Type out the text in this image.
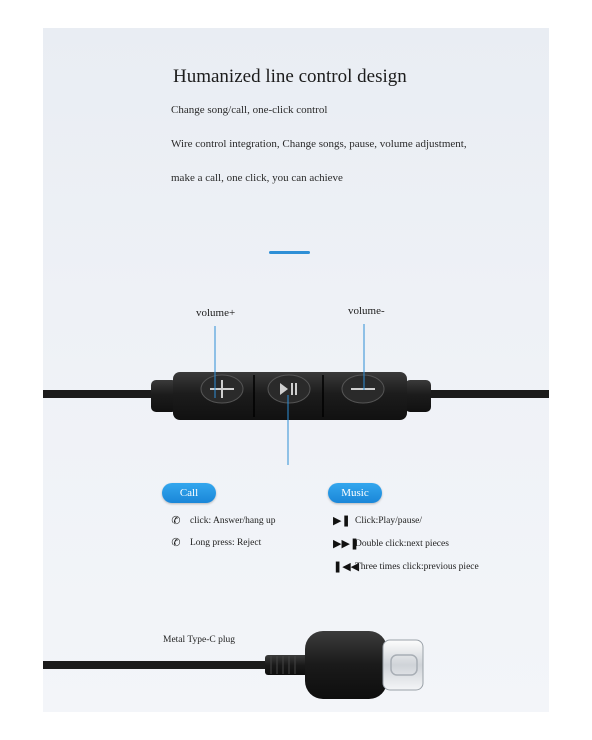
Humanized line control design
Change song/call, one-click control
Wire control integration, Change songs, pause, volume adjustment,
make a call, one click, you can achieve
volume+	volume-
Call
✆ click: Answer/hang up
✆ Long press: Reject
Music
▶❚ Click:Play/pause/
▶▶❚
Double click:next pieces
❚◀◀
Three times click:previous piece
Metal Type-C plug
